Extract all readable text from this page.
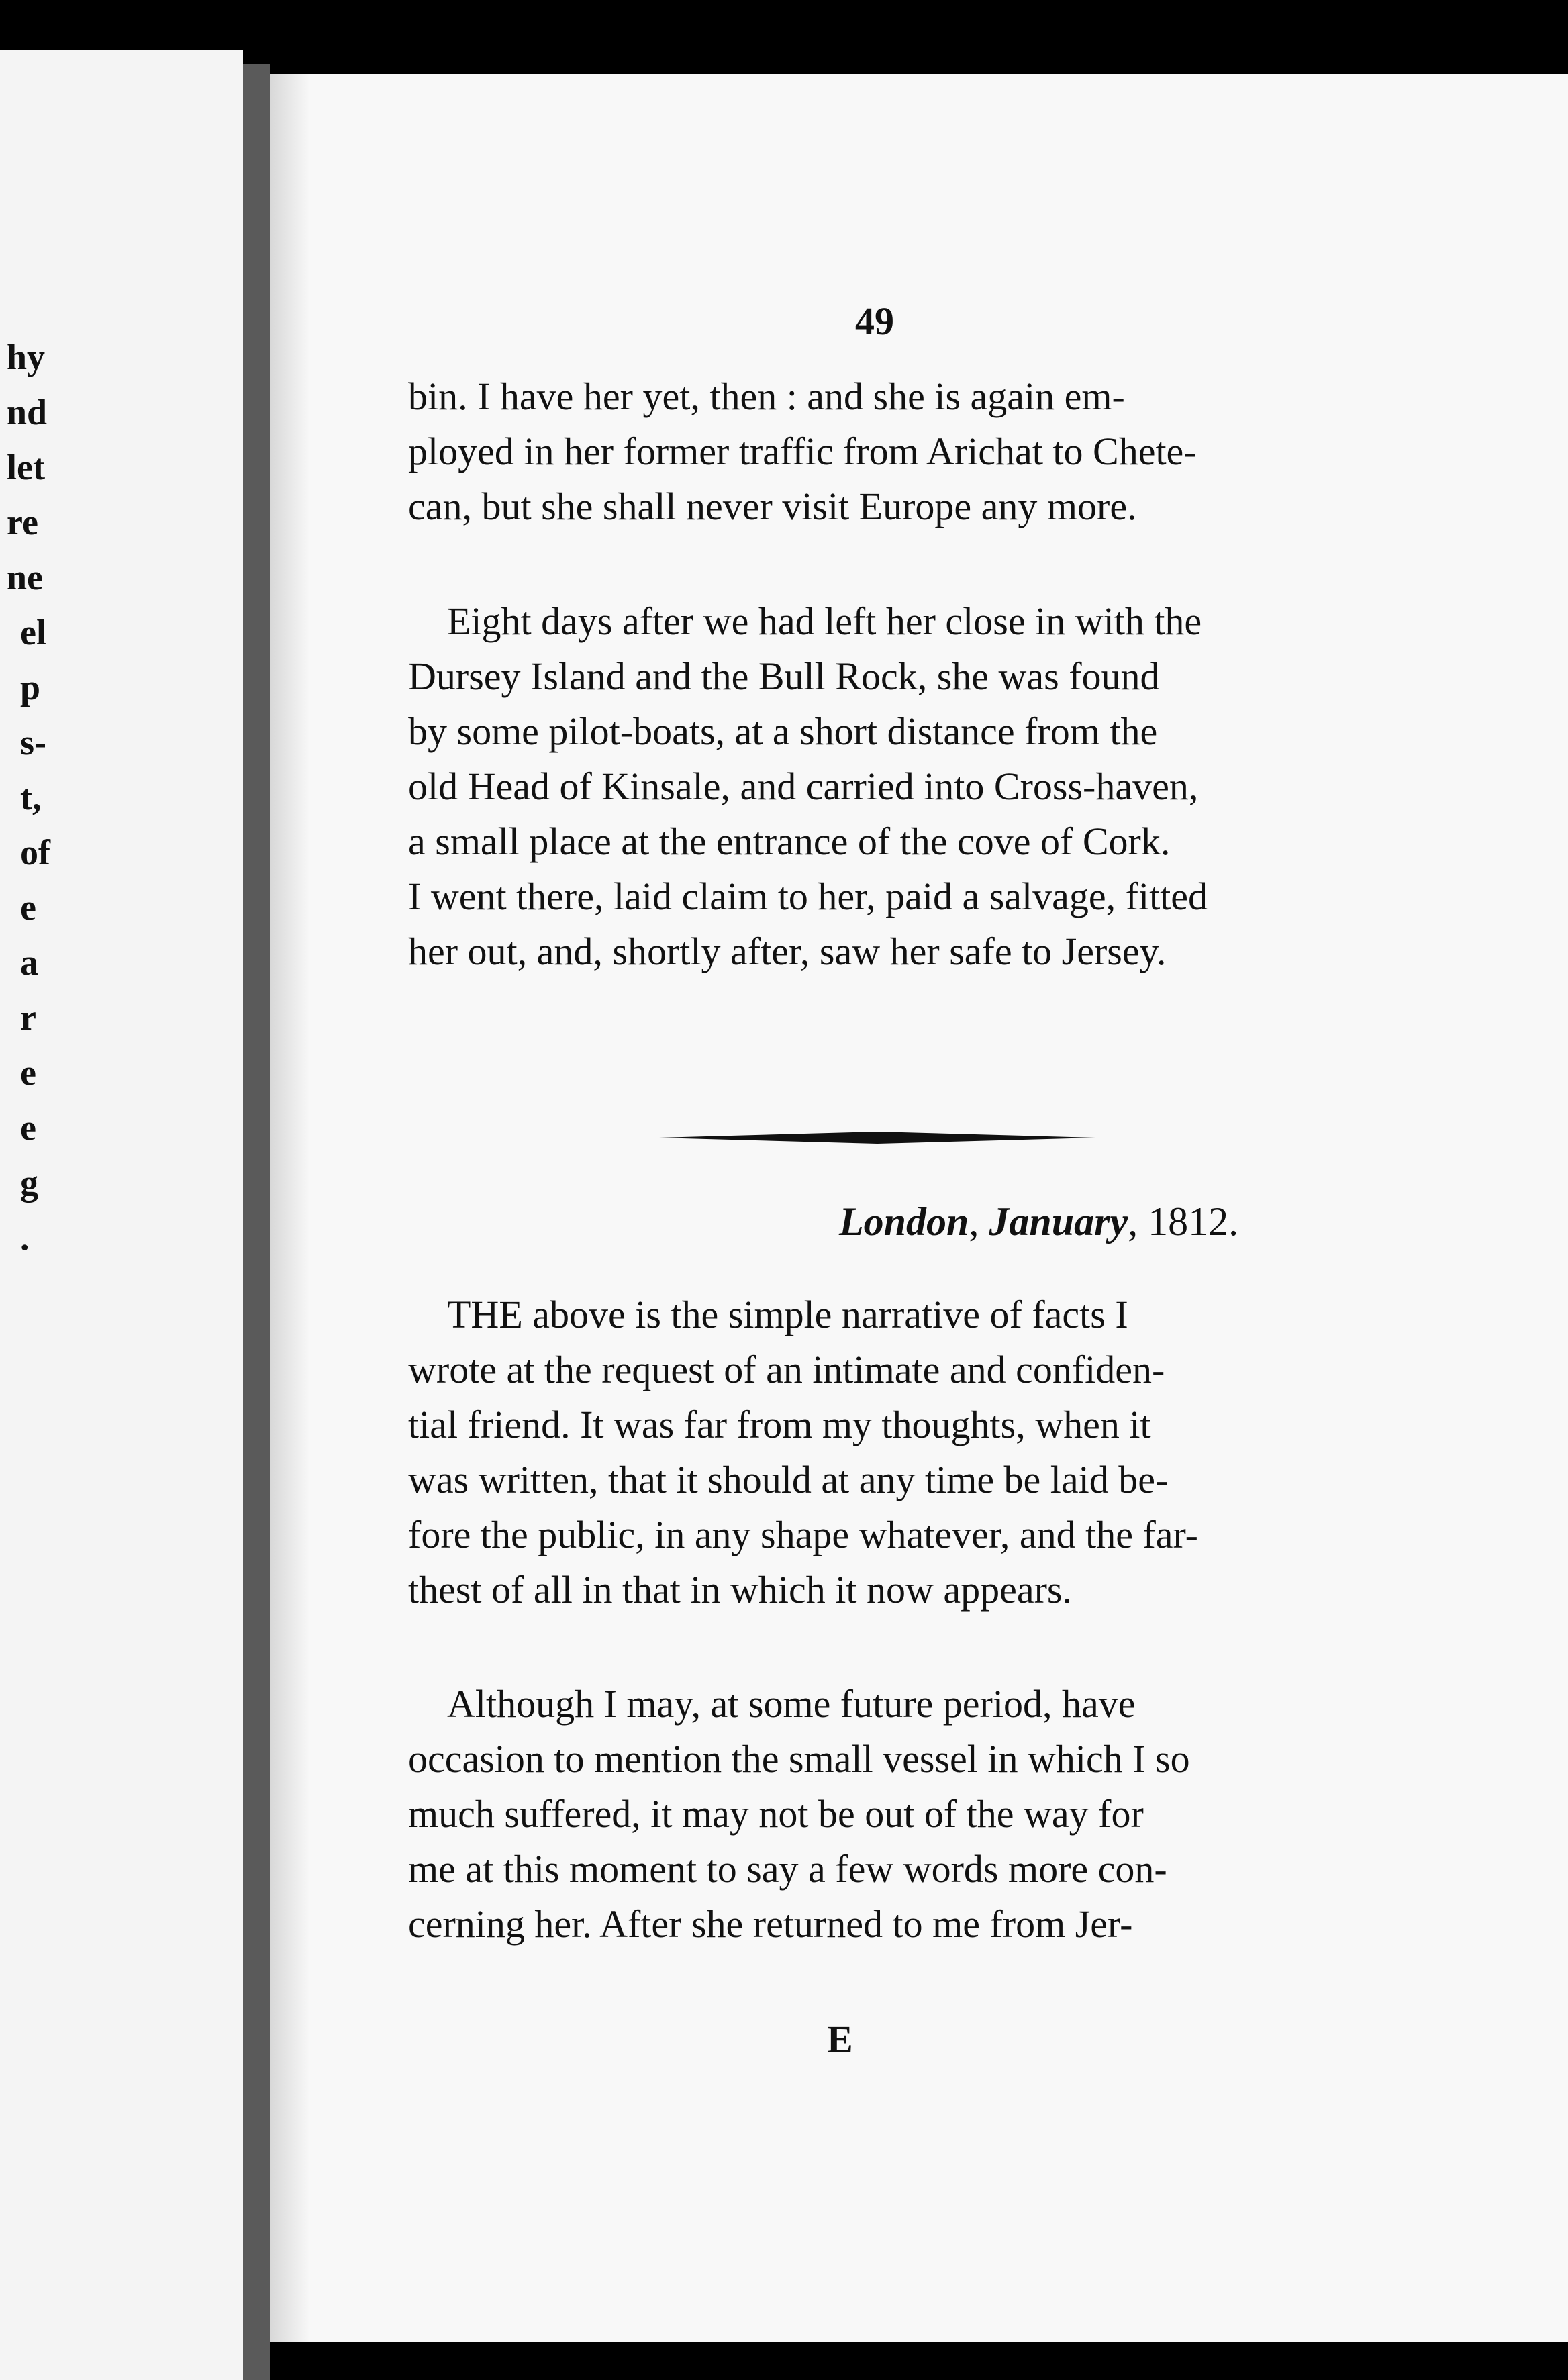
hy
nd
let
re
ne
el
p
s-
t,
of
e
a
r
e
e
g
.
49
bin. I have her yet, then : and she is again em-
ployed in her former traffic from Arichat to Chete-
can, but she shall never visit Europe any more.
Eight days after we had left her close in with the
Dursey Island and the Bull Rock, she was found
by some pilot-boats, at a short distance from the
old Head of Kinsale, and carried into Cross-haven,
a small place at the entrance of the cove of Cork.
I went there, laid claim to her, paid a salvage, fitted
her out, and, shortly after, saw her safe to Jersey.
London, January, 1812.
THE above is the simple narrative of facts I
wrote at the request of an intimate and confiden-
tial friend. It was far from my thoughts, when it
was written, that it should at any time be laid be-
fore the public, in any shape whatever, and the far-
thest of all in that in which it now appears.
Although I may, at some future period, have
occasion to mention the small vessel in which I so
much suffered, it may not be out of the way for
me at this moment to say a few words more con-
cerning her. After she returned to me from Jer-
E
